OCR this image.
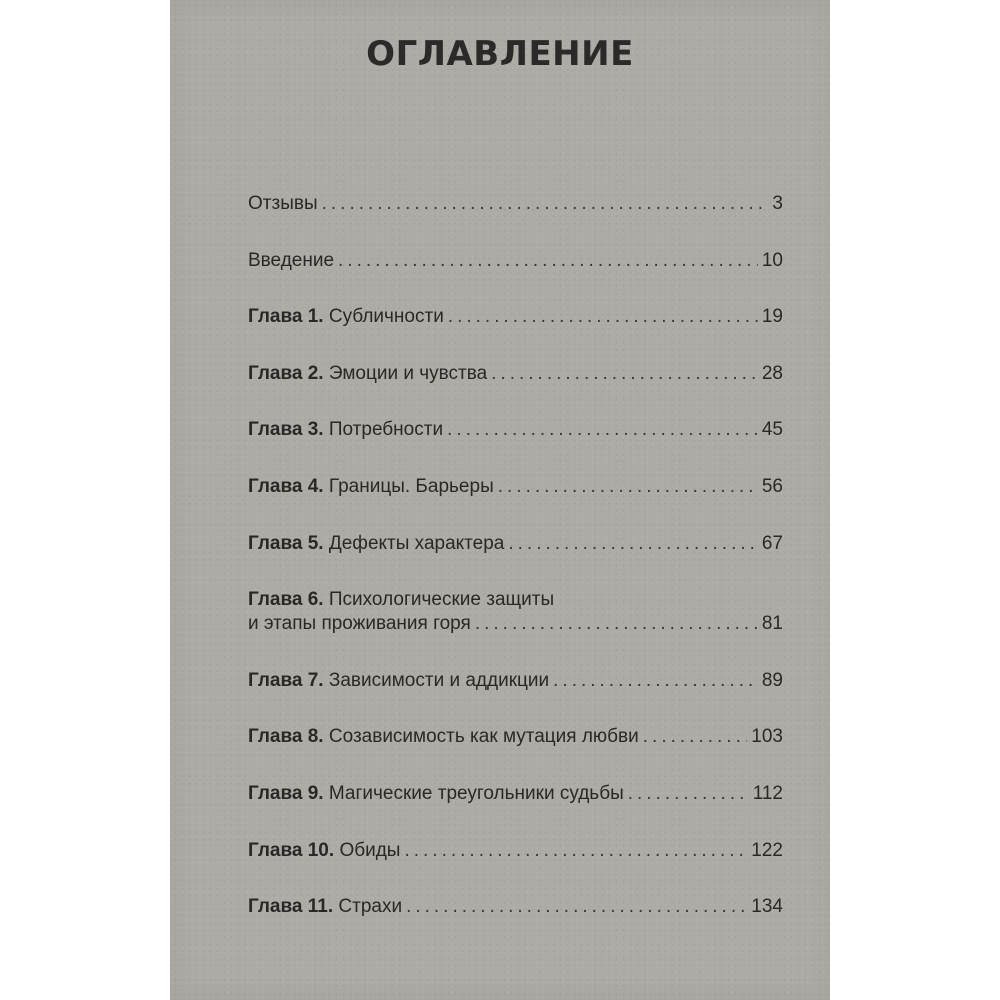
ОГЛАВЛЕНИЕ
Отзывы .....	3
Введение .....	10
Глава 1. Субличности .....	19
Глава 2. Эмоции и чувства .....	28
Глава 3. Потребности .....	45
Глава 4. Границы. Барьеры .....	56
Глава 5. Дефекты характера .....	67
Глава 6. Психологические защиты
и этапы проживания горя .....	81
Глава 7. Зависимости и аддикции .....	89
Глава 8. Созависимость как мутация любви .....	103
Глава 9. Магические треугольники судьбы .....	112
Глава 10. Обиды .....	122
Глава 11. Страхи .....	134
